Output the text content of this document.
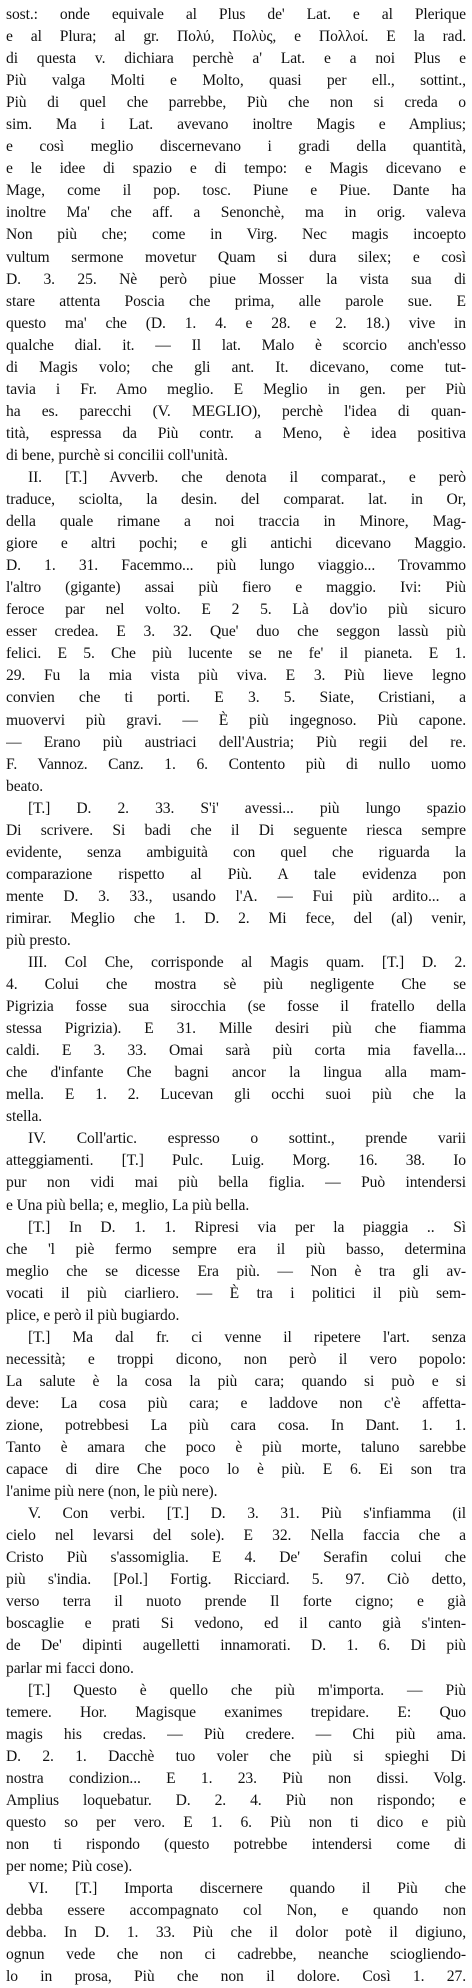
sost.: onde equivale al Plus de' Lat. e al Plerique
e al Plura; al gr. Πολύ, Πολὺς, e Πολλοί. E la rad.
di questa v. dichiara perchè a' Lat. e a noi Plus e
Più valga Molti e Molto, quasi per ell., sottint.,
Più di quel che parrebbe, Più che non si creda o
sim. Ma i Lat. avevano inoltre Magis e Amplius;
e così meglio discernevano i gradi della quantità,
e le idee di spazio e di tempo: e Magis dicevano e
Mage, come il pop. tosc. Piune e Piue. Dante ha
inoltre Ma' che aff. a Senonchè, ma in orig. valeva
Non più che; come in Virg. Nec magis incoepto
vultum sermone movetur Quam si dura silex; e così
D. 3. 25. Nè però piue Mosser la vista sua di
stare attenta Poscia che prima, alle parole sue. E
questo ma' che (D. 1. 4. e 28. e 2. 18.) vive in
qualche dial. it. — Il lat. Malo è scorcio anch'esso
di Magis volo; che gli ant. It. dicevano, come tut-
tavia i Fr. Amo meglio. E Meglio in gen. per Più
ha es. parecchi (V. MEGLIO), perchè l'idea di quan-
tità, espressa da Più contr. a Meno, è idea positiva
di bene, purchè si concilii coll'unità.
II. [T.] Avverb. che denota il comparat., e però
traduce, sciolta, la desin. del comparat. lat. in Or,
della quale rimane a noi traccia in Minore, Mag-
giore e altri pochi; e gli antichi dicevano Maggio.
D. 1. 31. Facemmo... più lungo viaggio... Trovammo
l'altro (gigante) assai più fiero e maggio. Ivi: Più
feroce par nel volto. E 2 5. Là dov'io più sicuro
esser credea. E 3. 32. Que' duo che seggon lassù più
felici. E 5. Che più lucente se ne fe' il pianeta. E 1.
29. Fu la mia vista più viva. E 3. Più lieve legno
convien che ti porti. E 3. 5. Siate, Cristiani, a
muovervi più gravi. — È più ingegnoso. Più capone.
— Erano più austriaci dell'Austria; Più regii del re.
F. Vannoz. Canz. 1. 6. Contento più di nullo uomo
beato.
[T.] D. 2. 33. S'i' avessi... più lungo spazio
Di scrivere. Si badi che il Di seguente riesca sempre
evidente, senza ambiguità con quel che riguarda la
comparazione rispetto al Più. A tale evidenza pon
mente D. 3. 33., usando l'A. — Fui più ardito... a
rimirar. Meglio che 1. D. 2. Mi fece, del (al) venir,
più presto.
III. Col Che, corrisponde al Magis quam. [T.] D. 2.
4. Colui che mostra sè più negligente Che se
Pigrizia fosse sua sirocchia (se fosse il fratello della
stessa Pigrizia). E 31. Mille desiri più che fiamma
caldi. E 3. 33. Omai sarà più corta mia favella...
che d'infante Che bagni ancor la lingua alla mam-
mella. E 1. 2. Lucevan gli occhi suoi più che la
stella.
IV. Coll'artic. espresso o sottint., prende varii
atteggiamenti. [T.] Pulc. Luig. Morg. 16. 38. Io
pur non vidi mai più bella figlia. — Può intendersi
e Una più bella; e, meglio, La più bella.
[T.] In D. 1. 1. Ripresi via per la piaggia .. Sì
che 'l piè fermo sempre era il più basso, determina
meglio che se dicesse Era più. — Non è tra gli av-
vocati il più ciarliero. — È tra i politici il più sem-
plice, e però il più bugiardo.
[T.] Ma dal fr. ci venne il ripetere l'art. senza
necessità; e troppi dicono, non però il vero popolo:
La salute è la cosa la più cara; quando si può e si
deve: La cosa più cara; e laddove non c'è affetta-
zione, potrebbesi La più cara cosa. In Dant. 1. 1.
Tanto è amara che poco è più morte, taluno sarebbe
capace di dire Che poco lo è più. E 6. Ei son tra
l'anime più nere (non, le più nere).
V. Con verbi. [T.] D. 3. 31. Più s'infiamma (il
cielo nel levarsi del sole). E 32. Nella faccia che a
Cristo Più s'assomiglia. E 4. De' Serafin colui che
più s'india. [Pol.] Fortig. Ricciard. 5. 97. Ciò detto,
verso terra il nuoto prende Il forte cigno; e già
boscaglie e prati Si vedono, ed il canto già s'inten-
de De' dipinti augelletti innamorati. D. 1. 6. Di più
parlar mi facci dono.
[T.] Questo è quello che più m'importa. — Più
temere. Hor. Magisque exanimes trepidare. E: Quo
magis his credas. — Più credere. — Chi più ama.
D. 2. 1. Dacchè tuo voler che più si spieghi Di
nostra condizion... E 1. 23. Più non dissi. Volg.
Amplius loquebatur. D. 2. 4. Più non rispondo; e
questo so per vero. E 1. 6. Più non ti dico e più
non ti rispondo (questo potrebbe intendersi come di
per nome; Più cose).
VI. [T.] Importa discernere quando il Più che
debba essere accompagnato col Non, e quando non
debba. In D. 1. 33. Più che il dolor potè il digiuno,
ognun vede che non ci cadrebbe, neanche sciogliendo-
lo in prosa, Più che non il dolore. Così 1. 27.
